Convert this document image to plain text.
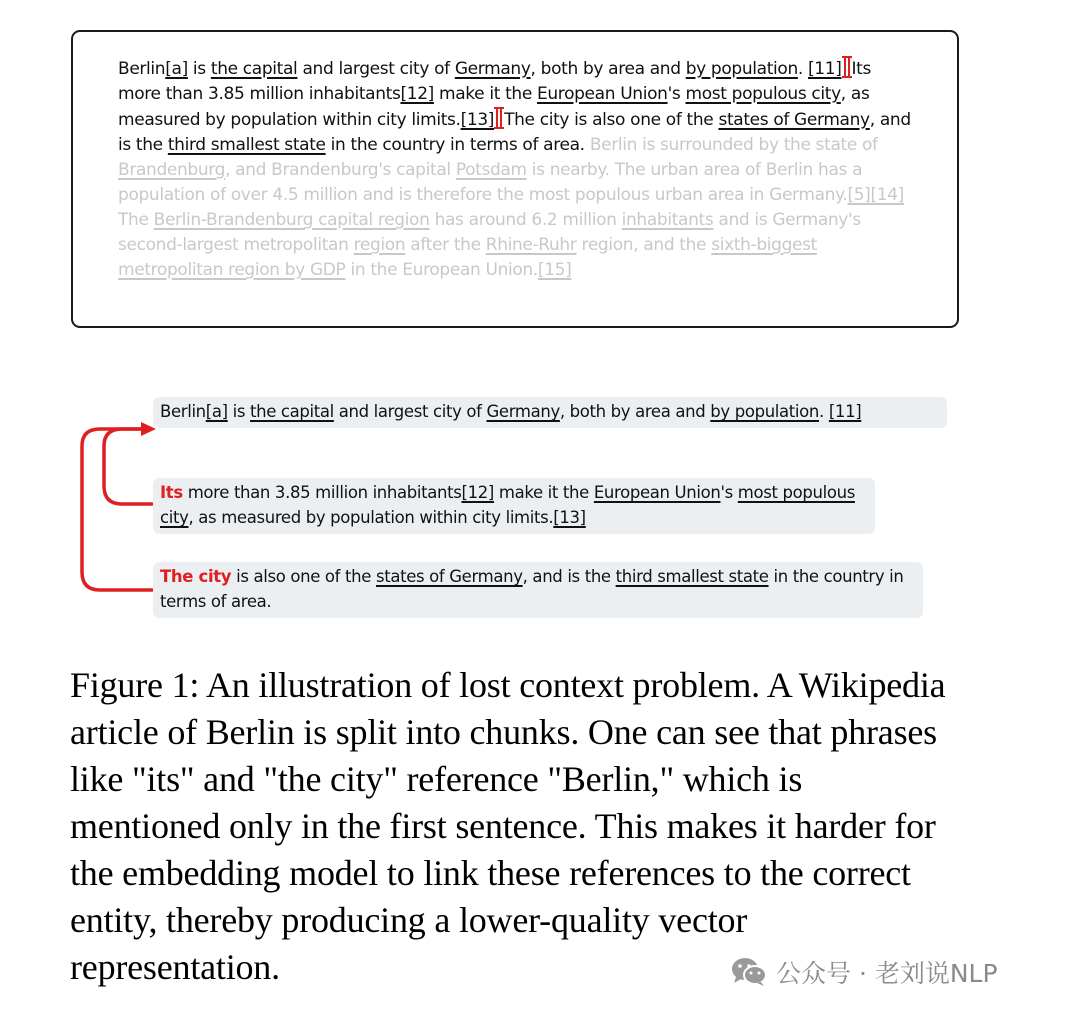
Berlin[a] is the capital and largest city of Germany, both by area and by population. [11] Its more than 3.85 million inhabitants[12] make it the European Union's most populous city, as measured by population within city limits.[13] The city is also one of the states of Germany, and is the third smallest state in the country in terms of area. Berlin is surrounded by the state of Brandenburg, and Brandenburg's capital Potsdam is nearby. The urban area of Berlin has a population of over 4.5 million and is therefore the most populous urban area in Germany.[5][14] The Berlin-Brandenburg capital region has around 6.2 million inhabitants and is Germany's second-largest metropolitan region after the Rhine-Ruhr region, and the sixth-biggest metropolitan region by GDP in the European Union.[15]
Berlin[a] is the capital and largest city of Germany, both by area and by population. [11]
Its more than 3.85 million inhabitants[12] make it the European Union's most populous city, as measured by population within city limits.[13]
The city is also one of the states of Germany, and is the third smallest state in the country in terms of area.
Figure 1: An illustration of lost context problem. A Wikipedia article of Berlin is split into chunks. One can see that phrases like "its" and "the city" reference "Berlin," which is mentioned only in the first sentence. This makes it harder for the embedding model to link these references to the correct entity, thereby producing a lower-quality vector representation.	公众号 · 老刘说NLP
